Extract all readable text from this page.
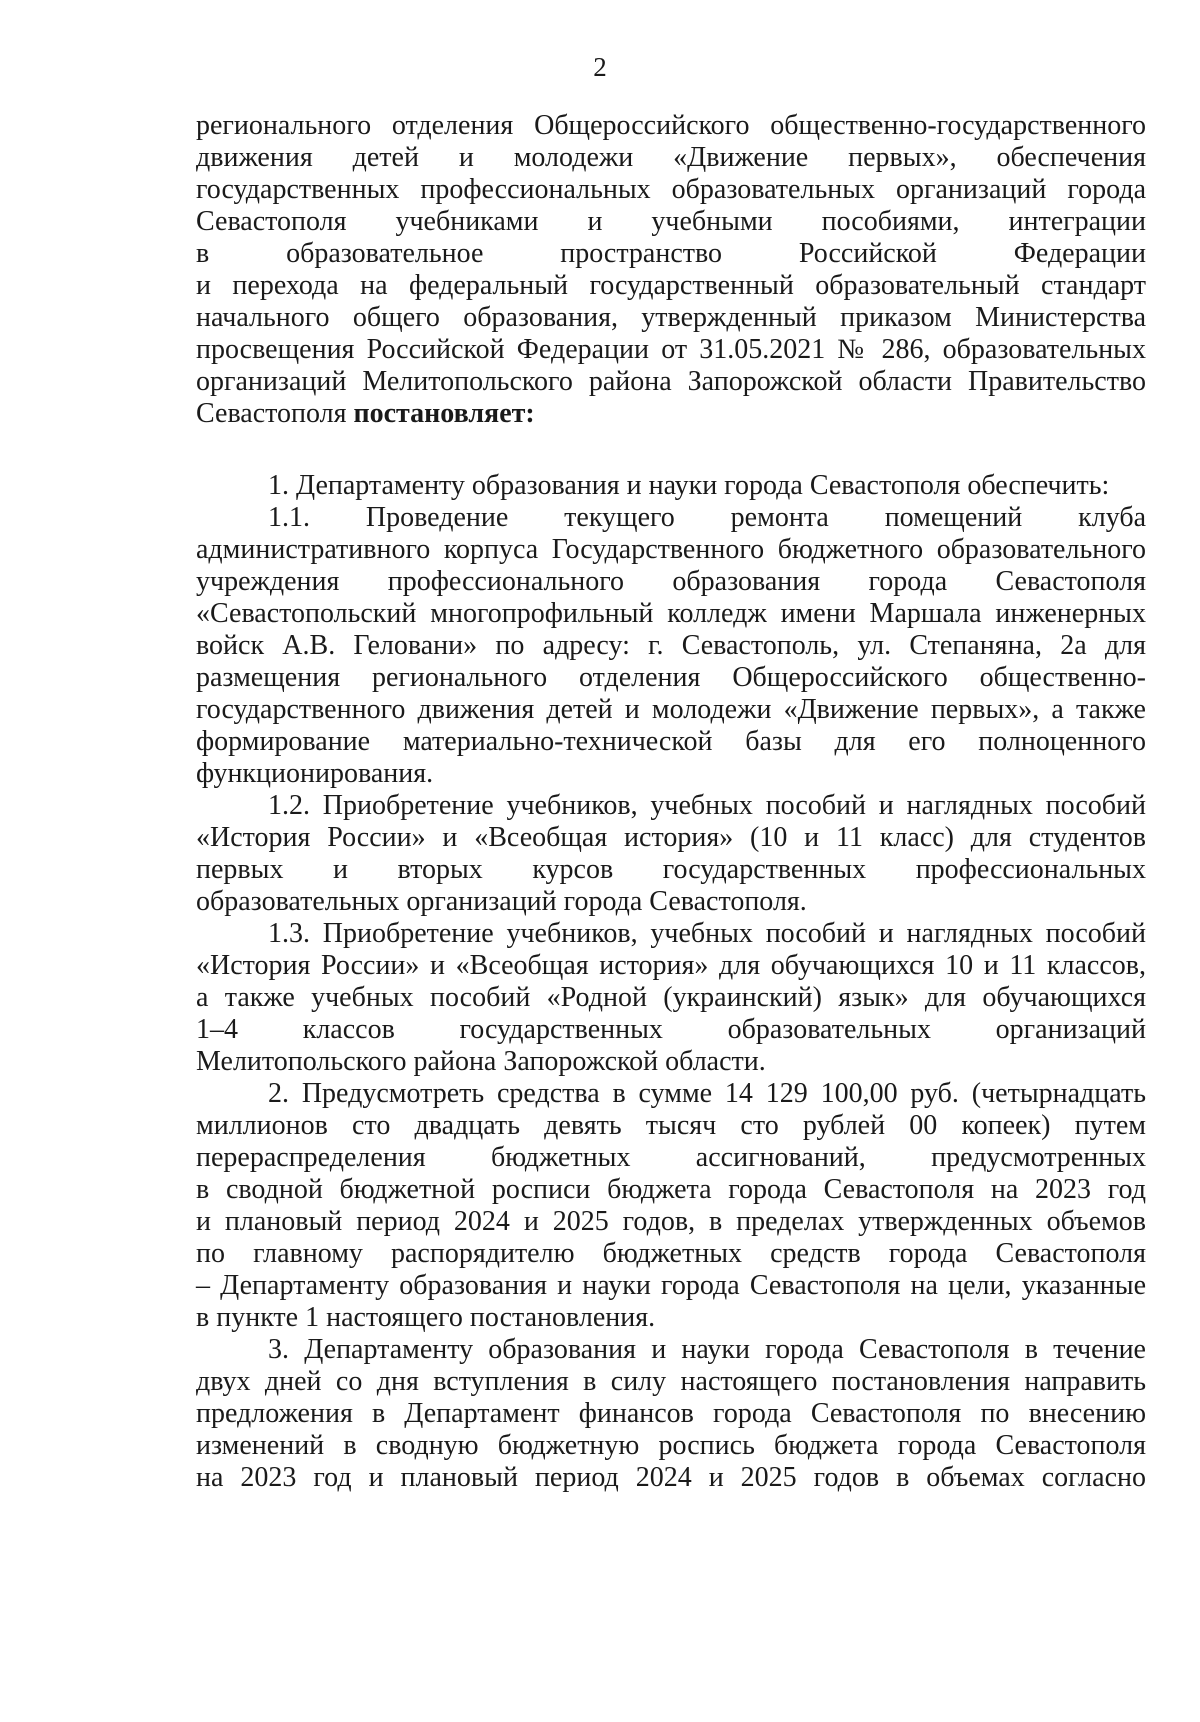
2
регионального отделения Общероссийского общественно-государственного
движения детей и молодежи «Движение первых», обеспечения
государственных профессиональных образовательных организаций города
Севастополя учебниками и учебными пособиями, интеграции
в образовательное пространство Российской Федерации
и перехода на федеральный государственный образовательный стандарт
начального общего образования, утвержденный приказом Министерства
просвещения Российской Федерации от 31.05.2021 № 286, образовательных
организаций Мелитопольского района Запорожской области Правительство
Севастополя постановляет:
1. Департаменту образования и науки города Севастополя обеспечить:
1.1. Проведение текущего ремонта помещений клуба
административного корпуса Государственного бюджетного образовательного
учреждения профессионального образования города Севастополя
«Севастопольский многопрофильный колледж имени Маршала инженерных
войск А.В. Геловани» по адресу: г. Севастополь, ул. Степаняна, 2а для
размещения регионального отделения Общероссийского общественно-
государственного движения детей и молодежи «Движение первых», а также
формирование материально-технической базы для его полноценного
функционирования.
1.2. Приобретение учебников, учебных пособий и наглядных пособий
«История России» и «Всеобщая история» (10 и 11 класс) для студентов
первых и вторых курсов государственных профессиональных
образовательных организаций города Севастополя.
1.3. Приобретение учебников, учебных пособий и наглядных пособий
«История России» и «Всеобщая история» для обучающихся 10 и 11 классов,
а также учебных пособий «Родной (украинский) язык» для обучающихся
1–4 классов государственных образовательных организаций
Мелитопольского района Запорожской области.
2. Предусмотреть средства в сумме 14 129 100,00 руб. (четырнадцать
миллионов сто двадцать девять тысяч сто рублей 00 копеек) путем
перераспределения бюджетных ассигнований, предусмотренных
в сводной бюджетной росписи бюджета города Севастополя на 2023 год
и плановый период 2024 и 2025 годов, в пределах утвержденных объемов
по главному распорядителю бюджетных средств города Севастополя
– Департаменту образования и науки города Севастополя на цели, указанные
в пункте 1 настоящего постановления.
3. Департаменту образования и науки города Севастополя в течение
двух дней со дня вступления в силу настоящего постановления направить
предложения в Департамент финансов города Севастополя по внесению
изменений в сводную бюджетную роспись бюджета города Севастополя
на 2023 год и плановый период 2024 и 2025 годов в объемах согласно
